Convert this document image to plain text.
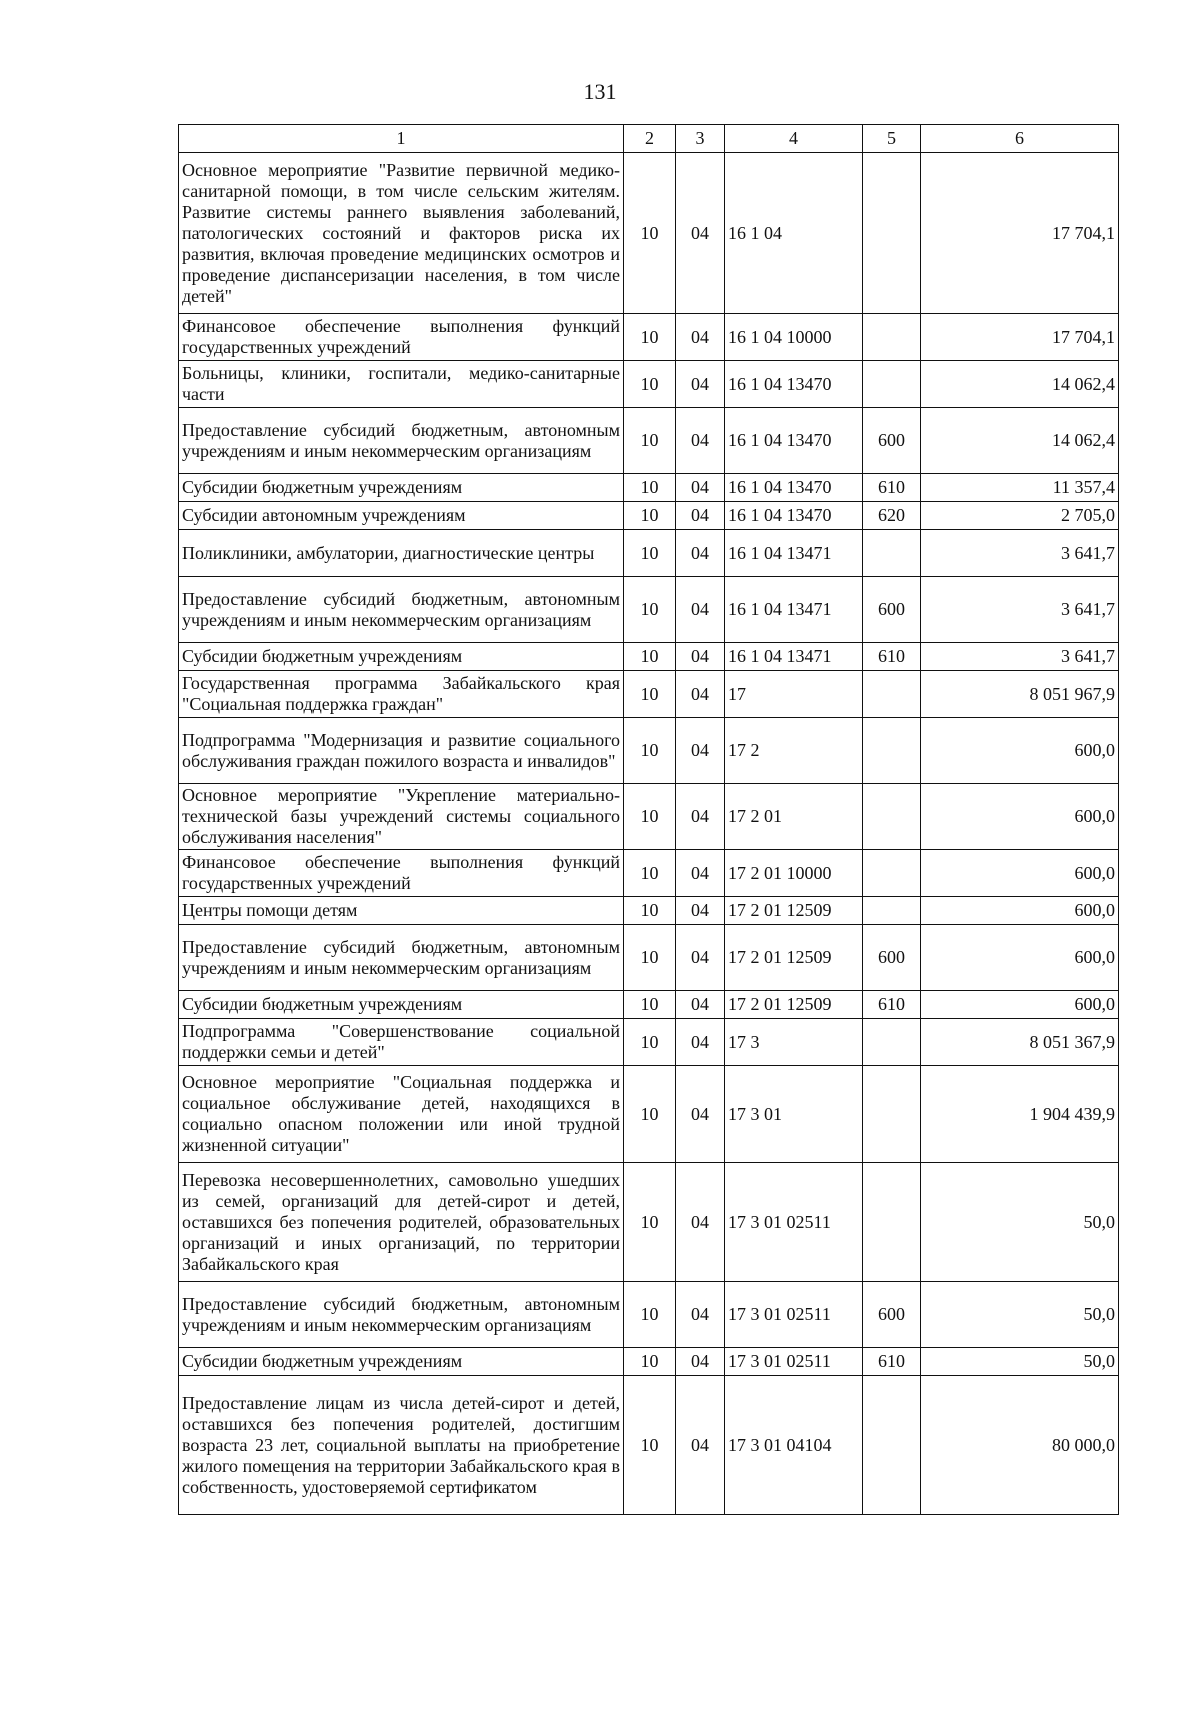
131
1	2	3	4	5	6
Основное мероприятие "Развитие первичной медико-санитарной помощи, в том числе сельским жителям. Развитие системы раннего выявления заболеваний, патологических состояний и факторов риска их развития, включая проведение медицинских осмотров и проведение диспансеризации населения, в том числе детей"	10	04	16 1 04		17 704,1
Финансовое обеспечение выполнения функций государственных учреждений	10	04	16 1 04 10000		17 704,1
Больницы, клиники, госпитали, медико-санитарные части	10	04	16 1 04 13470		14 062,4
Предоставление субсидий бюджетным, автономным учреждениям и иным некоммерческим организациям	10	04	16 1 04 13470	600	14 062,4
Субсидии бюджетным учреждениям	10	04	16 1 04 13470	610	11 357,4
Субсидии автономным учреждениям	10	04	16 1 04 13470	620	2 705,0
Поликлиники, амбулатории, диагностические центры	10	04	16 1 04 13471		3 641,7
Предоставление субсидий бюджетным, автономным учреждениям и иным некоммерческим организациям	10	04	16 1 04 13471	600	3 641,7
Субсидии бюджетным учреждениям	10	04	16 1 04 13471	610	3 641,7
Государственная программа Забайкальского края "Социальная поддержка граждан"	10	04	17		8 051 967,9
Подпрограмма "Модернизация и развитие социального обслуживания граждан пожилого возраста и инвалидов"	10	04	17 2		600,0
Основное мероприятие "Укрепление материально-технической базы учреждений системы социального обслуживания населения"	10	04	17 2 01		600,0
Финансовое обеспечение выполнения функций государственных учреждений	10	04	17 2 01 10000		600,0
Центры помощи детям	10	04	17 2 01 12509		600,0
Предоставление субсидий бюджетным, автономным учреждениям и иным некоммерческим организациям	10	04	17 2 01 12509	600	600,0
Субсидии бюджетным учреждениям	10	04	17 2 01 12509	610	600,0
Подпрограмма "Совершенствование социальной поддержки семьи и детей"	10	04	17 3		8 051 367,9
Основное мероприятие "Социальная поддержка и социальное обслуживание детей, находящихся в социально опасном положении или иной трудной жизненной ситуации"	10	04	17 3 01		1 904 439,9
Перевозка несовершеннолетних, самовольно ушедших из семей, организаций для детей-сирот и детей, оставшихся без попечения родителей, образовательных организаций и иных организаций, по территории Забайкальского края	10	04	17 3 01 02511		50,0
Предоставление субсидий бюджетным, автономным учреждениям и иным некоммерческим организациям	10	04	17 3 01 02511	600	50,0
Субсидии бюджетным учреждениям	10	04	17 3 01 02511	610	50,0
Предоставление лицам из числа детей-сирот и детей, оставшихся без попечения родителей, достигшим возраста 23 лет, социальной выплаты на приобретение жилого помещения на территории Забайкальского края в собственность, удостоверяемой сертификатом	10	04	17 3 01 04104		80 000,0
